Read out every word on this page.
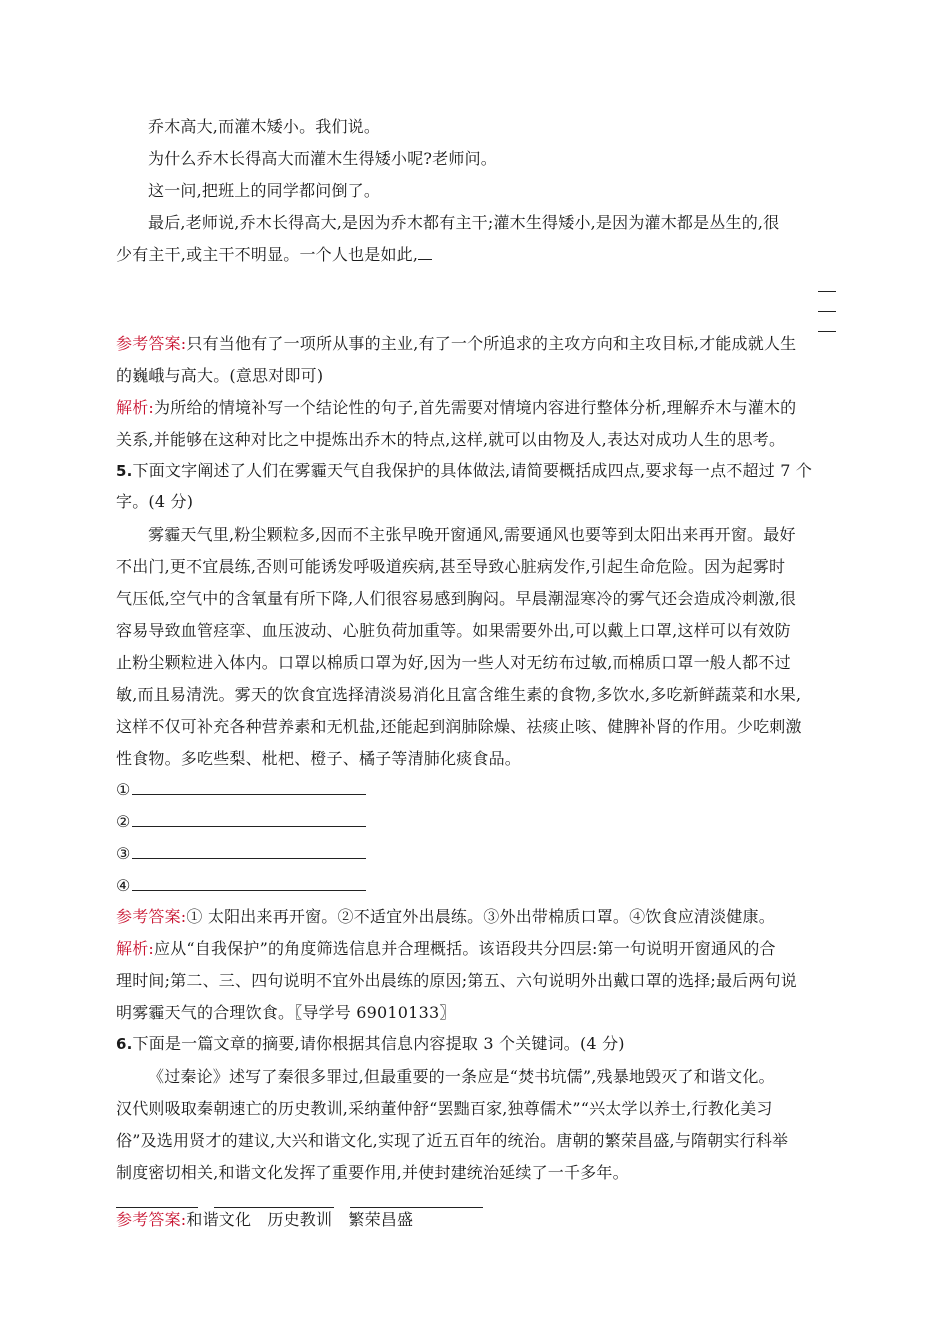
乔木高大,而灌木矮小。我们说。
为什么乔木长得高大而灌木生得矮小呢?老师问。
这一问,把班上的同学都问倒了。
最后,老师说,乔木长得高大,是因为乔木都有主干;灌木生得矮小,是因为灌木都是丛生的,很
少有主干,或主干不明显。一个人也是如此,
参考答案:只有当他有了一项所从事的主业,有了一个所追求的主攻方向和主攻目标,才能成就人生
的巍峨与高大。(意思对即可)
解析:为所给的情境补写一个结论性的句子,首先需要对情境内容进行整体分析,理解乔木与灌木的
关系,并能够在这种对比之中提炼出乔木的特点,这样,就可以由物及人,表达对成功人生的思考。
5.下面文字阐述了人们在雾霾天气自我保护的具体做法,请简要概括成四点,要求每一点不超过 7 个
字。(4 分)
雾霾天气里,粉尘颗粒多,因而不主张早晚开窗通风,需要通风也要等到太阳出来再开窗。最好
不出门,更不宜晨练,否则可能诱发呼吸道疾病,甚至导致心脏病发作,引起生命危险。因为起雾时
气压低,空气中的含氧量有所下降,人们很容易感到胸闷。早晨潮湿寒冷的雾气还会造成冷刺激,很
容易导致血管痉挛、血压波动、心脏负荷加重等。如果需要外出,可以戴上口罩,这样可以有效防
止粉尘颗粒进入体内。口罩以棉质口罩为好,因为一些人对无纺布过敏,而棉质口罩一般人都不过
敏,而且易清洗。雾天的饮食宜选择清淡易消化且富含维生素的食物,多饮水,多吃新鲜蔬菜和水果,
这样不仅可补充各种营养素和无机盐,还能起到润肺除燥、祛痰止咳、健脾补肾的作用。少吃刺激
性食物。多吃些梨、枇杷、橙子、橘子等清肺化痰食品。
①
②
③
④
参考答案:① 太阳出来再开窗。②不适宜外出晨练。③外出带棉质口罩。④饮食应清淡健康。
解析:应从“自我保护”的角度筛选信息并合理概括。该语段共分四层:第一句说明开窗通风的合
理时间;第二、三、四句说明不宜外出晨练的原因;第五、六句说明外出戴口罩的选择;最后两句说
明雾霾天气的合理饮食。〖导学号 69010133〗
6.下面是一篇文章的摘要,请你根据其信息内容提取 3 个关键词。(4 分)
《过秦论》述写了秦很多罪过,但最重要的一条应是“焚书坑儒”,残暴地毁灭了和谐文化。
汉代则吸取秦朝速亡的历史教训,采纳董仲舒“罢黜百家,独尊儒术”“兴太学以养士,行教化美习
俗”及选用贤才的建议,大兴和谐文化,实现了近五百年的统治。唐朝的繁荣昌盛,与隋朝实行科举
制度密切相关,和谐文化发挥了重要作用,并使封建统治延续了一千多年。
参考答案:和谐文化　历史教训　繁荣昌盛
